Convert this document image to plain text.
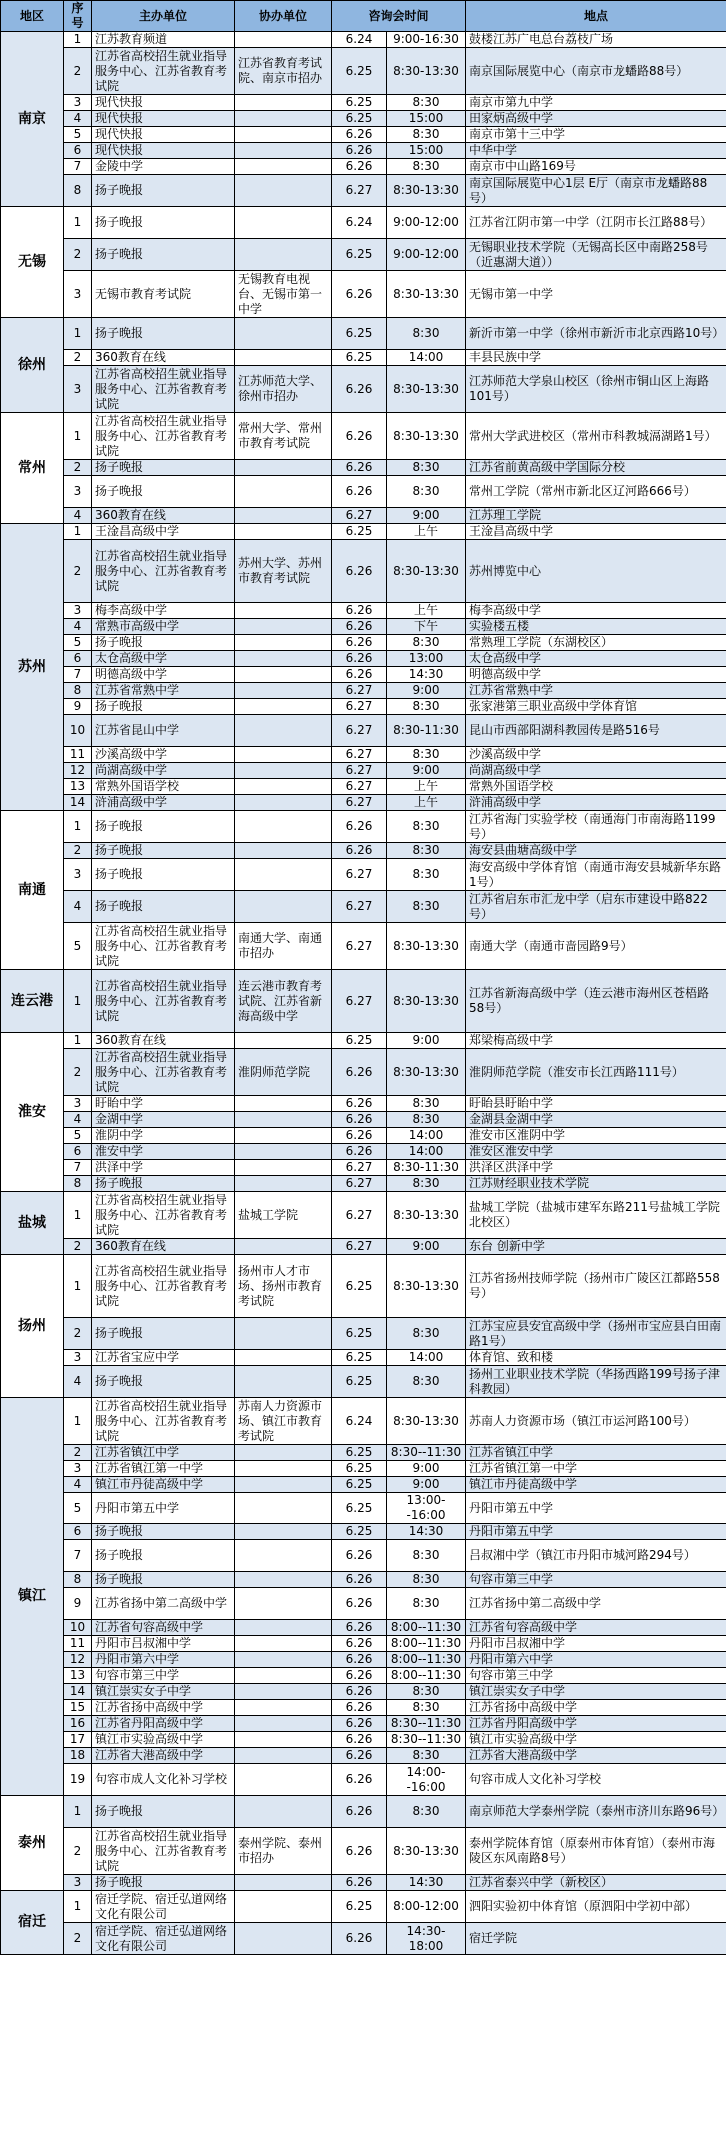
地区	序号	主办单位	协办单位	咨询会时间		地点
南京	1	江苏教育频道		6.24	9:00-16:30	鼓楼江苏广电总台荔枝广场
	2	江苏省高校招生就业指导服务中心、江苏省教育考试院	江苏省教育考试院、南京市招办	6.25	8:30-13:30	南京国际展览中心（南京市龙蟠路88号）
	3	现代快报		6.25	8:30	南京市第九中学
	4	现代快报		6.25	15:00	田家炳高级中学
	5	现代快报		6.26	8:30	南京市第十三中学
	6	现代快报		6.26	15:00	中华中学
	7	金陵中学		6.26	8:30	南京市中山路169号
	8	扬子晚报		6.27	8:30-13:30	南京国际展览中心1层 E厅（南京市龙蟠路88号）
无锡	1	扬子晚报		6.24	9:00-12:00	江苏省江阴市第一中学（江阴市长江路88号）
	2	扬子晚报		6.25	9:00-12:00	无锡职业技术学院（无锡高长区中南路258号（近惠湖大道））
	3	无锡市教育考试院	无锡教育电视台、无锡市第一中学	6.26	8:30-13:30	无锡市第一中学
徐州	1	扬子晚报		6.25	8:30	新沂市第一中学（徐州市新沂市北京西路10号）
	2	360教育在线		6.25	14:00	丰县民族中学
	3	江苏省高校招生就业指导服务中心、江苏省教育考试院	江苏师范大学、徐州市招办	6.26	8:30-13:30	江苏师范大学泉山校区（徐州市铜山区上海路101号）
常州	1	江苏省高校招生就业指导服务中心、江苏省教育考试院	常州大学、常州市教育考试院	6.26	8:30-13:30	常州大学武进校区（常州市科教城滆湖路1号）
	2	扬子晚报		6.26	8:30	江苏省前黄高级中学国际分校
	3	扬子晚报		6.26	8:30	常州工学院（常州市新北区辽河路666号）
	4	360教育在线		6.27	9:00	江苏理工学院
苏州	1	王淦昌高级中学		6.25	上午	王淦昌高级中学
	2	江苏省高校招生就业指导服务中心、江苏省教育考试院	苏州大学、苏州市教育考试院	6.26	8:30-13:30	苏州博览中心
	3	梅李高级中学		6.26	上午	梅李高级中学
	4	常熟市高级中学		6.26	下午	实验楼五楼
	5	扬子晚报		6.26	8:30	常熟理工学院（东湖校区）
	6	太仓高级中学		6.26	13:00	太仓高级中学
	7	明德高级中学		6.26	14:30	明德高级中学
	8	江苏省常熟中学		6.27	9:00	江苏省常熟中学
	9	扬子晚报		6.27	8:30	张家港第三职业高级中学体育馆
	10	江苏省昆山中学		6.27	8:30-11:30	昆山市西部阳湖科教园传是路516号
	11	沙溪高级中学		6.27	8:30	沙溪高级中学
	12	尚湖高级中学		6.27	9:00	尚湖高级中学
	13	常熟外国语学校		6.27	上午	常熟外国语学校
	14	浒浦高级中学		6.27	上午	浒浦高级中学
南通	1	扬子晚报		6.26	8:30	江苏省海门实验学校（南通海门市南海路1199号）
	2	扬子晚报		6.26	8:30	海安县曲塘高级中学
	3	扬子晚报		6.27	8:30	海安高级中学体育馆（南通市海安县城新华东路1号）
	4	扬子晚报		6.27	8:30	江苏省启东市汇龙中学（启东市建设中路822号）
	5	江苏省高校招生就业指导服务中心、江苏省教育考试院	南通大学、南通市招办	6.27	8:30-13:30	南通大学（南通市啬园路9号）
连云港	1	江苏省高校招生就业指导服务中心、江苏省教育考试院	连云港市教育考试院、江苏省新海高级中学	6.27	8:30-13:30	江苏省新海高级中学（连云港市海州区苍梧路58号）
淮安	1	360教育在线		6.25	9:00	郑梁梅高级中学
	2	江苏省高校招生就业指导服务中心、江苏省教育考试院	淮阴师范学院	6.26	8:30-13:30	淮阴师范学院（淮安市长江西路111号）
	3	盱眙中学		6.26	8:30	盱眙县盱眙中学
	4	金湖中学		6.26	8:30	金湖县金湖中学
	5	淮阴中学		6.26	14:00	淮安市区淮阴中学
	6	淮安中学		6.26	14:00	淮安区淮安中学
	7	洪泽中学		6.27	8:30-11:30	洪泽区洪泽中学
	8	扬子晚报		6.27	8:30	江苏财经职业技术学院
盐城	1	江苏省高校招生就业指导服务中心、江苏省教育考试院	盐城工学院	6.27	8:30-13:30	盐城工学院（盐城市建军东路211号盐城工学院北校区）
	2	360教育在线		6.27	9:00	东台 创新中学
扬州	1	江苏省高校招生就业指导服务中心、江苏省教育考试院	扬州市人才市场、扬州市教育考试院	6.25	8:30-13:30	江苏省扬州技师学院（扬州市广陵区江都路558号）
	2	扬子晚报		6.25	8:30	江苏宝应县安宜高级中学（扬州市宝应县白田南路1号）
	3	江苏省宝应中学		6.25	14:00	体育馆、致和楼
	4	扬子晚报		6.25	8:30	扬州工业职业技术学院（华扬西路199号扬子津科教园）
镇江	1	江苏省高校招生就业指导服务中心、江苏省教育考试院	苏南人力资源市场、镇江市教育考试院	6.24	8:30-13:30	苏南人力资源市场（镇江市运河路100号）
	2	江苏省镇江中学		6.25	8:30--11:30	江苏省镇江中学
	3	江苏省镇江第一中学		6.25	9:00	江苏省镇江第一中学
	4	镇江市丹徒高级中学		6.25	9:00	镇江市丹徒高级中学
	5	丹阳市第五中学		6.25	13:00--16:00	丹阳市第五中学
	6	扬子晚报		6.25	14:30	丹阳市第五中学
	7	扬子晚报		6.26	8:30	吕叔湘中学（镇江市丹阳市城河路294号）
	8	扬子晚报		6.26	8:30	句容市第三中学
	9	江苏省扬中第二高级中学		6.26	8:30	江苏省扬中第二高级中学
	10	江苏省句容高级中学		6.26	8:00--11:30	江苏省句容高级中学
	11	丹阳市吕叔湘中学		6.26	8:00--11:30	丹阳市吕叔湘中学
	12	丹阳市第六中学		6.26	8:00--11:30	丹阳市第六中学
	13	句容市第三中学		6.26	8:00--11:30	句容市第三中学
	14	镇江崇实女子中学		6.26	8:30	镇江崇实女子中学
	15	江苏省扬中高级中学		6.26	8:30	江苏省扬中高级中学
	16	江苏省丹阳高级中学		6.26	8:30--11:30	江苏省丹阳高级中学
	17	镇江市实验高级中学		6.26	8:30--11:30	镇江市实验高级中学
	18	江苏省大港高级中学		6.26	8:30	江苏省大港高级中学
	19	句容市成人文化补习学校		6.26	14:00--16:00	句容市成人文化补习学校
泰州	1	扬子晚报		6.26	8:30	南京师范大学泰州学院（泰州市济川东路96号）
	2	江苏省高校招生就业指导服务中心、江苏省教育考试院	泰州学院、泰州市招办	6.26	8:30-13:30	泰州学院体育馆（原泰州市体育馆）（泰州市海陵区东风南路8号）
	3	扬子晚报		6.26	14:30	江苏省泰兴中学（新校区）
宿迁	1	宿迁学院、宿迁弘道网络文化有限公司		6.25	8:00-12:00	泗阳实验初中体育馆（原泗阳中学初中部）
	2	宿迁学院、宿迁弘道网络文化有限公司		6.26	14:30-18:00	宿迁学院
